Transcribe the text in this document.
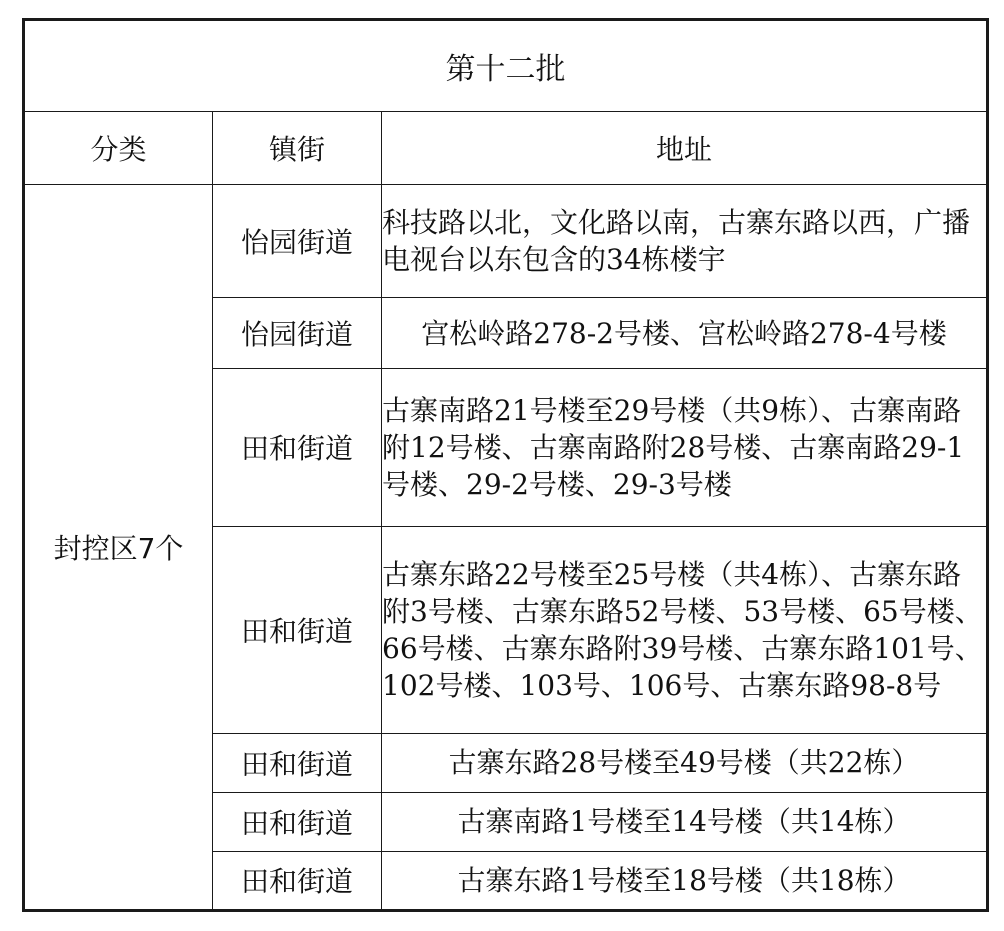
第十二批		
分类	镇街	地址
封控区7个	怡园街道	科技路以北，文化路以南，古寨东路以西，广播电视台以东包含的34栋楼宇
	怡园街道	宫松岭路278-2号楼、宫松岭路278-4号楼
	田和街道	古寨南路21号楼至29号楼（共9栋）、古寨南路附12号楼、古寨南路附28号楼、古寨南路29-1号楼、29-2号楼、29-3号楼
	田和街道	古寨东路22号楼至25号楼（共4栋）、古寨东路附3号楼、古寨东路52号楼、53号楼、65号楼、66号楼、古寨东路附39号楼、古寨东路101号、102号楼、103号、106号、古寨东路98-8号
	田和街道	古寨东路28号楼至49号楼（共22栋）
	田和街道	古寨南路1号楼至14号楼（共14栋）
	田和街道	古寨东路1号楼至18号楼（共18栋）
